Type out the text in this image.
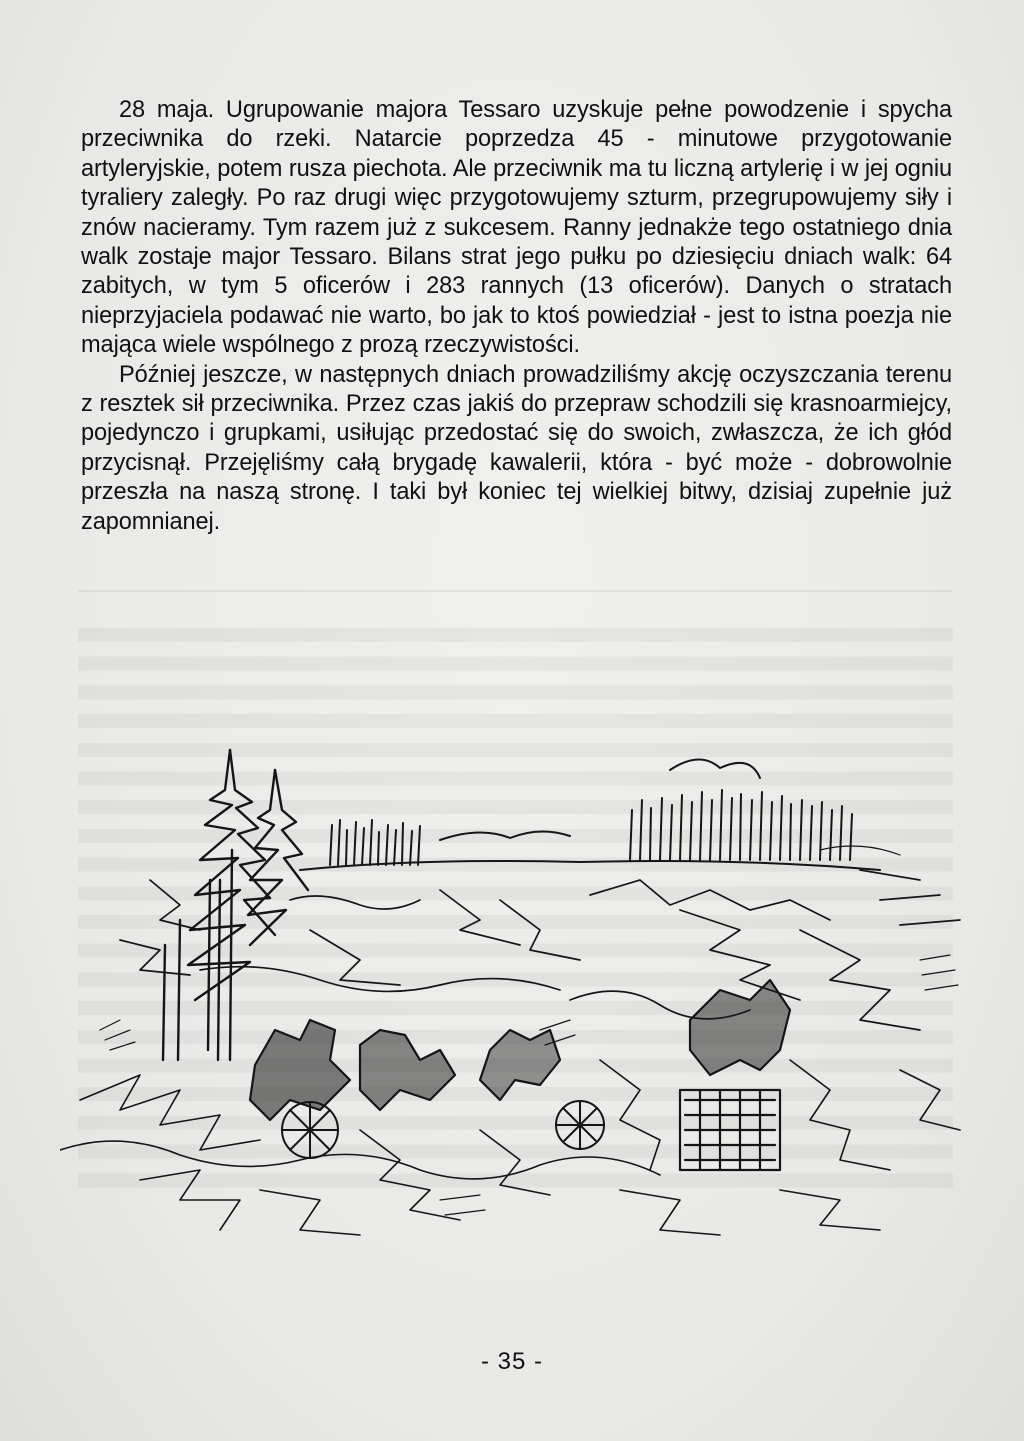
28 maja. Ugrupowanie majora Tessaro uzyskuje pełne powodzenie i spycha przeciwnika do rzeki. Natarcie poprzedza 45 - minutowe przygotowanie artyleryjskie, potem rusza piechota. Ale przeciwnik ma tu liczną artylerię i w jej ogniu tyraliery zaległy. Po raz drugi więc przygotowujemy szturm, przegrupowujemy siły i znów nacieramy. Tym razem już z sukcesem. Ranny jednakże tego ostatniego dnia walk zostaje major Tessaro. Bilans strat jego pułku po dziesięciu dniach walk: 64 zabitych, w tym 5 oficerów i 283 rannych (13 oficerów). Danych o stratach nieprzyjaciela podawać nie warto, bo jak to ktoś powiedział - jest to istna poezja nie mająca wiele wspólnego z prozą rzeczywistości.

Później jeszcze, w następnych dniach prowadziliśmy akcję oczyszczania terenu z resztek sił przeciwnika. Przez czas jakiś do przepraw schodzili się krasnoarmiejcy, pojedynczo i grupkami, usiłując przedostać się do swoich, zwłaszcza, że ich głód przycisnął. Przejęliśmy całą brygadę kawalerii, która - być może - dobrowolnie przeszła na naszą stronę. I taki był koniec tej wielkiej bitwy, dzisiaj zupełnie już zapomnianej.

- 35 -
